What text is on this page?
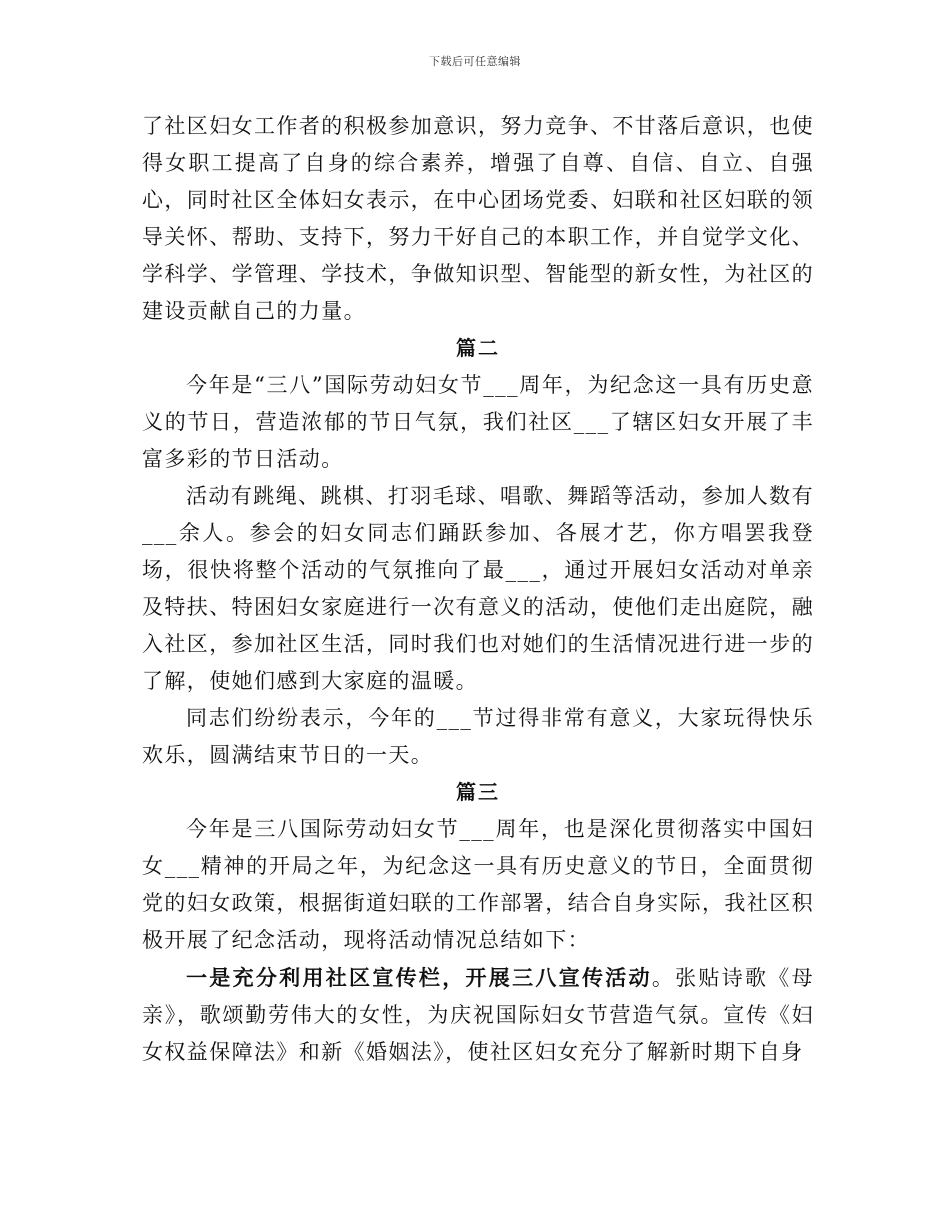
下载后可任意编辑

了社区妇女工作者的积极参加意识，努力竞争、不甘落后意识，也使得女职工提高了自身的综合素养，增强了自尊、自信、自立、自强心，同时社区全体妇女表示，在中心团场党委、妇联和社区妇联的领导关怀、帮助、支持下，努力干好自己的本职工作，并自觉学文化、学科学、学管理、学技术，争做知识型、智能型的新女性，为社区的建设贡献自己的力量。

篇二

今年是“三八”国际劳动妇女节___周年，为纪念这一具有历史意义的节日，营造浓郁的节日气氛，我们社区___了辖区妇女开展了丰富多彩的节日活动。

活动有跳绳、跳棋、打羽毛球、唱歌、舞蹈等活动，参加人数有___余人。参会的妇女同志们踊跃参加、各展才艺，你方唱罢我登场，很快将整个活动的气氛推向了最___，通过开展妇女活动对单亲及特扶、特困妇女家庭进行一次有意义的活动，使他们走出庭院，融入社区，参加社区生活，同时我们也对她们的生活情况进行进一步的了解，使她们感到大家庭的温暖。

同志们纷纷表示，今年的___节过得非常有意义，大家玩得快乐欢乐，圆满结束节日的一天。

篇三

今年是三八国际劳动妇女节___周年，也是深化贯彻落实中国妇女___精神的开局之年，为纪念这一具有历史意义的节日，全面贯彻党的妇女政策，根据街道妇联的工作部署，结合自身实际，我社区积极开展了纪念活动，现将活动情况总结如下：

一是充分利用社区宣传栏，开展三八宣传活动。张贴诗歌《母亲》，歌颂勤劳伟大的女性，为庆祝国际妇女节营造气氛。宣传《妇女权益保障法》和新《婚姻法》，使社区妇女充分了解新时期下自身
